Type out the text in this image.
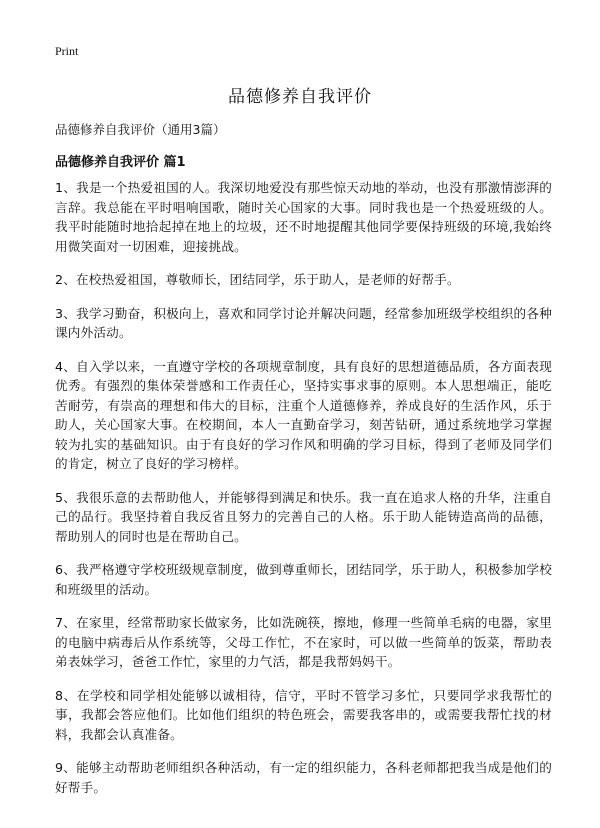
Print
品德修养自我评价

品德修养自我评价（通用3篇）

品德修养自我评价 篇1

1、我是一个热爱祖国的人。我深切地爱没有那些惊天动地的举动，也没有那激情澎湃的言辞。我总能在平时唱响国歌，随时关心国家的大事。同时我也是一个热爱班级的人。我平时能随时地拾起掉在地上的垃圾，还不时地提醒其他同学要保持班级的环境,我始终用微笑面对一切困难，迎接挑战。

2、在校热爱祖国，尊敬师长，团结同学，乐于助人，是老师的好帮手。

3、我学习勤奋，积极向上，喜欢和同学讨论并解决问题，经常参加班级学校组织的各种课内外活动。

4、自入学以来，一直遵守学校的各项规章制度，具有良好的思想道德品质，各方面表现优秀。有强烈的集体荣誉感和工作责任心，坚持实事求事的原则。本人思想端正，能吃苦耐劳，有崇高的理想和伟大的目标，注重个人道德修养，养成良好的生活作风，乐于助人，关心国家大事。在校期间，本人一直勤奋学习，刻苦钻研，通过系统地学习掌握较为扎实的基础知识。由于有良好的学习作风和明确的学习目标，得到了老师及同学们的肯定，树立了良好的学习榜样。

5、我很乐意的去帮助他人，并能够得到满足和快乐。我一直在追求人格的升华，注重自己的品行。我坚持着自我反省且努力的完善自己的人格。乐于助人能铸造高尚的品德，帮助别人的同时也是在帮助自己。

6、我严格遵守学校班级规章制度，做到尊重师长，团结同学，乐于助人，积极参加学校和班级里的活动。

7、在家里，经常帮助家长做家务，比如洗碗筷，擦地，修理一些简单毛病的电器，家里的电脑中病毒后从作系统等，父母工作忙，不在家时，可以做一些简单的饭菜，帮助表弟表妹学习，爸爸工作忙，家里的力气活，都是我帮妈妈干。

8、在学校和同学相处能够以诚相待，信守，平时不管学习多忙，只要同学求我帮忙的事，我都会答应他们。比如他们组织的特色班会，需要我客串的，或需要我帮忙找的材料，我都会认真准备。

9、能够主动帮助老师组织各种活动，有一定的组织能力，各科老师都把我当成是他们的好帮手。
